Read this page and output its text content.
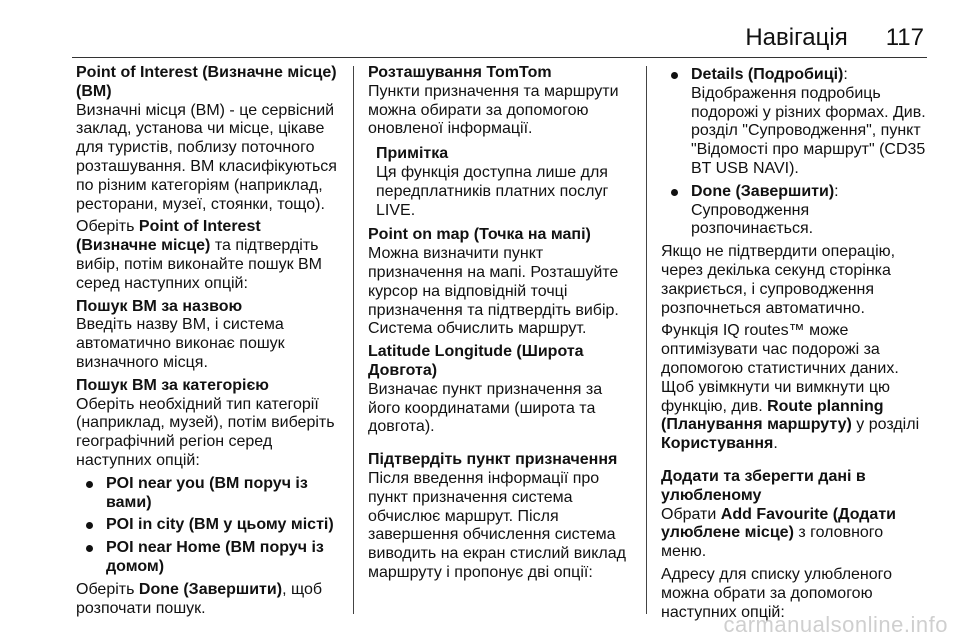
Навігація 117
Point of Interest (Визначне місце) (BM)

Визначні місця (BM) - це сервісний заклад, установа чи місце, цікаве для туристів, поблизу поточного розташування. BM класифікуються по різним категоріям (наприклад, ресторани, музеї, стоянки, тощо).

Оберіть Point of Interest (Визначне місце) та підтвердіть вибір, потім виконайте пошук BM серед наступних опцій:

Пошук BM за назвою

Введіть назву BM, і система автоматично виконає пошук визначного місця.

Пошук BM за категорією

Оберіть необхідний тип категорії (наприклад, музей), потім виберіть географічний регіон серед наступних опцій:

POI near you (BM поруч із вами)
POI in city (BM у цьому місті)
POI near Home (BM поруч із домом)

Оберіть Done (Завершити), щоб розпочати пошук.

Розташування TomTom

Пункти призначення та маршрути можна обирати за допомогою оновленої інформації.

Примітка

Ця функція доступна лише для передплатників платних послуг LIVE.

Point on map (Точка на мапі)

Можна визначити пункт призначення на мапі. Розташуйте курсор на відповідній точці призначення та підтвердіть вибір. Система обчислить маршрут.

Latitude Longitude (Широта Довгота)

Визначає пункт призначення за його координатами (широта та довгота).

Підтвердіть пункт призначення

Після введення інформації про пункт призначення система обчислює маршрут. Після завершення обчислення система виводить на екран стислий виклад маршруту і пропонує дві опції:

Details (Подробиці):
Відображення подробиць подорожі у різних формах. Див. розділ "Супроводження", пункт "Відомості про маршрут" (CD35 BT USB NAVI).
Done (Завершити):
Супроводження розпочинається.

Якщо не підтвердити операцію, через декілька секунд сторінка закриється, і супроводження розпочнеться автоматично.

Функція IQ routes™ може оптимізувати час подорожі за допомогою статистичних даних. Щоб увімкнути чи вимкнути цю функцію, див. Route planning (Планування маршруту) у розділі Користування.

Додати та зберегти дані в улюбленому

Обрати Add Favourite (Додати улюблене місце) з головного меню.

Адресу для списку улюбленого можна обрати за допомогою наступних опцій:

carmanualsonline.info
